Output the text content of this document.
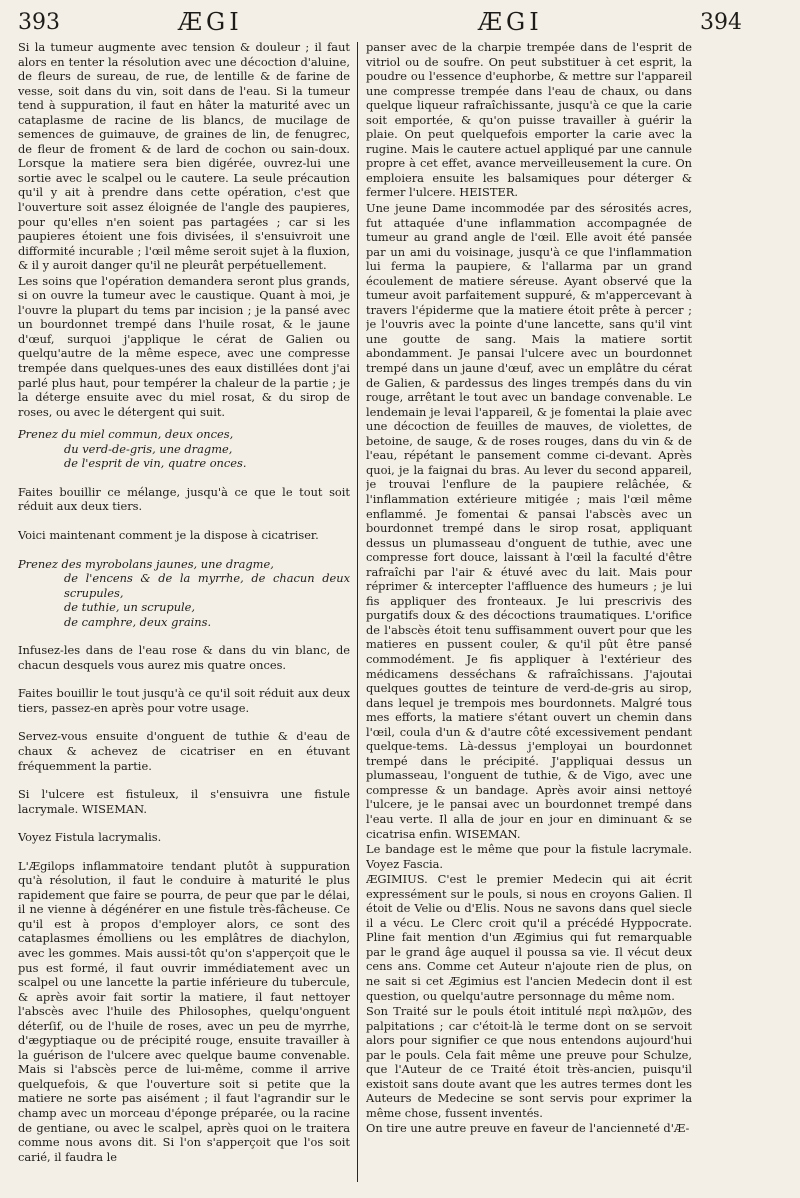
393	ÆGI	ÆGI	394

Si la tumeur augmente avec tension & douleur ; il faut alors en tenter la résolution avec une décoction d'aluine, de fleurs de sureau, de rue, de lentille & de farine de vesse, soit dans du vin, soit dans de l'eau. Si la tumeur tend à suppuration, il faut en hâter la maturité avec un cataplasme de racine de lis blancs, de mucilage de semences de guimauve, de graines de lin, de fenugrec, de fleur de froment & de lard de cochon ou sain-doux. Lorsque la matiere sera bien digérée, ouvrez-lui une sortie avec le scalpel ou le cautere. La seule précaution qu'il y ait à prendre dans cette opération, c'est que l'ouverture soit assez éloignée de l'angle des paupieres, pour qu'elles n'en soient pas partagées ; car si les paupieres étoient une fois divisées, il s'ensuivroit une difformité incurable ; l'œil même seroit sujet à la fluxion, & il y auroit danger qu'il ne pleurât perpétuellement.

Les soins que l'opération demandera seront plus grands, si on ouvre la tumeur avec le caustique. Quant à moi, je l'ouvre la plupart du tems par incision ; je la pansé avec un bourdonnet trempé dans l'huile rosat, & le jaune d'œuf, surquoi j'applique le cérat de Galien ou quelqu'autre de la même espece, avec une compresse trempée dans quelques-unes des eaux distillées dont j'ai parlé plus haut, pour tempérer la chaleur de la partie ; je la déterge ensuite avec du miel rosat, & du sirop de roses, ou avec le détergent qui suit.

Prenez du miel commun, deux onces,
du verd-de-gris, une dragme,
de l'esprit de vin, quatre onces.

Faites bouillir ce mélange, jusqu'à ce que le tout soit réduit aux deux tiers.

Voici maintenant comment je la dispose à cicatriser.

Prenez des myrobolans jaunes, une dragme,
de l'encens & de la myrrhe, de chacun deux scrupules,
de tuthie, un scrupule,
de camphre, deux grains.

Infusez-les dans de l'eau rose & dans du vin blanc, de chacun desquels vous aurez mis quatre onces.

Faites bouillir le tout jusqu'à ce qu'il soit réduit aux deux tiers, passez-en après pour votre usage.

Servez-vous ensuite d'onguent de tuthie & d'eau de chaux & achevez de cicatriser en en étuvant fréquemment la partie.

Si l'ulcere est fistuleux, il s'ensuivra une fistule lacrymale. WISEMAN.

Voyez Fistula lacrymalis.

L'Ægilops inflammatoire tendant plutôt à suppuration qu'à résolution, il faut le conduire à maturité le plus rapidement que faire se pourra, de peur que par le délai, il ne vienne à dégénérer en une fistule très-fâcheuse. Ce qu'il est à propos d'employer alors, ce sont des cataplasmes émolliens ou les emplâtres de diachylon, avec les gommes. Mais aussi-tôt qu'on s'apperçoit que le pus est formé, il faut ouvrir immédiatement avec un scalpel ou une lancette la partie inférieure du tubercule, & après avoir fait sortir la matiere, il faut nettoyer l'abscès avec l'huile des Philosophes, quelqu'onguent déterſif, ou de l'huile de roses, avec un peu de myrrhe, d'ægyptiaque ou de précipité rouge, ensuite travailler à la guérison de l'ulcere avec quelque baume convenable. Mais si l'abscès perce de lui-même, comme il arrive quelquefois, & que l'ouverture soit si petite que la matiere ne sorte pas aisément ; il faut l'agrandir sur le champ avec un morceau d'éponge préparée, ou la racine de gentiane, ou avec le scalpel, après quoi on le traitera comme nous avons dit. Si l'on s'apperçoit que l'os soit carié, il faudra le

panser avec de la charpie trempée dans de l'esprit de vitriol ou de soufre. On peut substituer à cet esprit, la poudre ou l'essence d'euphorbe, & mettre sur l'appareil une compresse trempée dans l'eau de chaux, ou dans quelque liqueur rafraîchissante, jusqu'à ce que la carie soit emportée, & qu'on puisse travailler à guérir la plaie. On peut quelquefois emporter la carie avec la rugine. Mais le cautere actuel appliqué par une cannule propre à cet effet, avance merveilleusement la cure. On emploiera ensuite les balsamiques pour déterger & fermer l'ulcere. HEISTER.

Une jeune Dame incommodée par des sérosités acres, fut attaquée d'une inflammation accompagnée de tumeur au grand angle de l'œil. Elle avoit été pansée par un ami du voisinage, jusqu'à ce que l'inflammation lui ferma la paupiere, & l'allarma par un grand écoulement de matiere séreuse. Ayant observé que la tumeur avoit parfaitement suppuré, & m'appercevant à travers l'épiderme que la matiere étoit prête à percer ; je l'ouvris avec la pointe d'une lancette, sans qu'il vint une goutte de sang. Mais la matiere sortit abondamment. Je pansai l'ulcere avec un bourdonnet trempé dans un jaune d'œuf, avec un emplâtre du cérat de Galien, & pardessus des linges trempés dans du vin rouge, arrêtant le tout avec un bandage convenable. Le lendemain je levai l'appareil, & je fomentai la plaie avec une décoction de feuilles de mauves, de violettes, de betoine, de sauge, & de roses rouges, dans du vin & de l'eau, répétant le pansement comme ci-devant. Après quoi, je la faignai du bras. Au lever du second appareil, je trouvai l'enflure de la paupiere relâchée, & l'inflammation extérieure mitigée ; mais l'œil même enflammé. Je fomentai & pansai l'abscès avec un bourdonnet trempé dans le sirop rosat, appliquant dessus un plumasseau d'onguent de tuthie, avec une compresse fort douce, laissant à l'œil la faculté d'être rafraîchi par l'air & étuvé avec du lait. Mais pour réprimer & intercepter l'affluence des humeurs ; je lui fis appliquer des fronteaux. Je lui prescrivis des purgatifs doux & des décoctions traumatiques. L'orifice de l'abscès étoit tenu suffisamment ouvert pour que les matieres en pussent couler, & qu'il pût être pansé commodément. Je fis appliquer à l'extérieur des médicamens desséchans & rafraîchissans. J'ajoutai quelques gouttes de teinture de verd-de-gris au sirop, dans lequel je trempois mes bourdonnets. Malgré tous mes efforts, la matiere s'étant ouvert un chemin dans l'œil, coula d'un & d'autre côté excessivement pendant quelque-tems. Là-dessus j'employai un bourdonnet trempé dans le précipité. J'appliquai dessus un plumasseau, l'onguent de tuthie, & de Vigo, avec une compresse & un bandage. Après avoir ainsi nettoyé l'ulcere, je le pansai avec un bourdonnet trempé dans l'eau verte. Il alla de jour en jour en diminuant & se cicatrisa enfin. WISEMAN.

Le bandage est le même que pour la fistule lacrymale. Voyez Fascia.

ÆGIMIUS. C'est le premier Medecin qui ait écrit expressément sur le pouls, si nous en croyons Galien. Il étoit de Velie ou d'Elis. Nous ne savons dans quel siecle il a vécu. Le Clerc croit qu'il a précédé Hyppocrate. Pline fait mention d'un Ægimius qui fut remarquable par le grand âge auquel il poussa sa vie. Il vécut deux cens ans. Comme cet Auteur n'ajoute rien de plus, on ne sait si cet Ægimius est l'ancien Medecin dont il est question, ou quelqu'autre personnage du même nom.

Son Traité sur le pouls étoit intitulé περὶ παλμῶν, des palpitations ; car c'étoit-là le terme dont on se servoit alors pour signifier ce que nous entendons aujourd'hui par le pouls. Cela fait même une preuve pour Schulze, que l'Auteur de ce Traité étoit très-ancien, puisqu'il existoit sans doute avant que les autres termes dont les Auteurs de Medecine se sont servis pour exprimer la même chose, fussent inventés.

On tire une autre preuve en faveur de l'ancienneté d'Æ-
